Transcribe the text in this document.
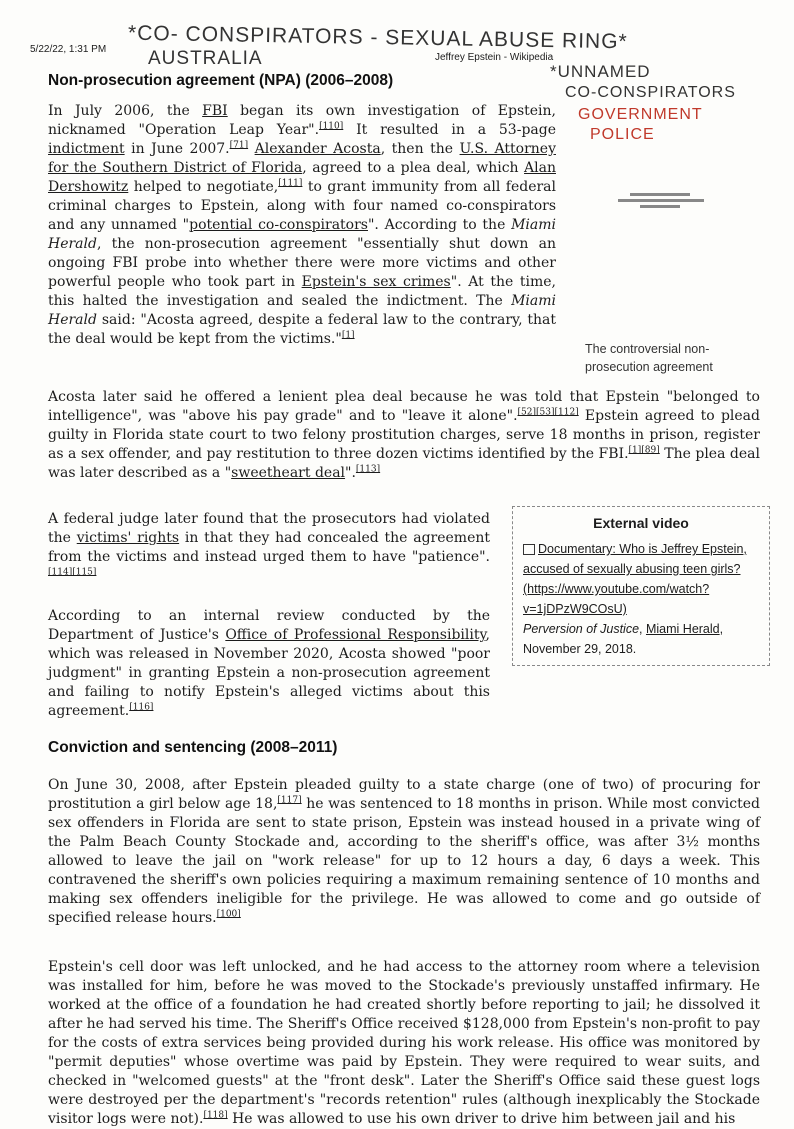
5/22/22, 1:31 PM
Jeffrey Epstein - Wikipedia
*CO- CONSPIRATORS - SEXUAL ABUSE RING*
AUSTRALIA
*UNNAMED
CO-CONSPIRATORS
GOVERNMENT
POLICE
Non-prosecution agreement (NPA) (2006–2008)

In July 2006, the FBI began its own investigation of Epstein, nicknamed "Operation Leap Year".[110] It resulted in a 53-page indictment in June 2007.[71] Alexander Acosta, then the U.S. Attorney for the Southern District of Florida, agreed to a plea deal, which Alan Dershowitz helped to negotiate,[111] to grant immunity from all federal criminal charges to Epstein, along with four named co-conspirators and any unnamed "potential co-conspirators". According to the Miami Herald, the non-prosecution agreement "essentially shut down an ongoing FBI probe into whether there were more victims and other powerful people who took part in Epstein's sex crimes". At the time, this halted the investigation and sealed the indictment. The Miami Herald said: "Acosta agreed, despite a federal law to the contrary, that the deal would be kept from the victims."[1]

The controversial non-prosecution agreement

Acosta later said he offered a lenient plea deal because he was told that Epstein "belonged to intelligence", was "above his pay grade" and to "leave it alone".[52][53][112] Epstein agreed to plead guilty in Florida state court to two felony prostitution charges, serve 18 months in prison, register as a sex offender, and pay restitution to three dozen victims identified by the FBI.[1][89] The plea deal was later described as a "sweetheart deal".[113]

A federal judge later found that the prosecutors had violated the victims' rights in that they had concealed the agreement from the victims and instead urged them to have "patience".[114][115]

According to an internal review conducted by the Department of Justice's Office of Professional Responsibility, which was released in November 2020, Acosta showed "poor judgment" in granting Epstein a non-prosecution agreement and failing to notify Epstein's alleged victims about this agreement.[116]

External video
Documentary: Who is Jeffrey Epstein, accused of sexually abusing teen girls? (https://www.youtube.com/watch?v=1jDPzW9COsU)
Perversion of Justice, Miami Herald, November 29, 2018.
Conviction and sentencing (2008–2011)

On June 30, 2008, after Epstein pleaded guilty to a state charge (one of two) of procuring for prostitution a girl below age 18,[117] he was sentenced to 18 months in prison. While most convicted sex offenders in Florida are sent to state prison, Epstein was instead housed in a private wing of the Palm Beach County Stockade and, according to the sheriff's office, was after 3½ months allowed to leave the jail on "work release" for up to 12 hours a day, 6 days a week. This contravened the sheriff's own policies requiring a maximum remaining sentence of 10 months and making sex offenders ineligible for the privilege. He was allowed to come and go outside of specified release hours.[100]

Epstein's cell door was left unlocked, and he had access to the attorney room where a television was installed for him, before he was moved to the Stockade's previously unstaffed infirmary. He worked at the office of a foundation he had created shortly before reporting to jail; he dissolved it after he had served his time. The Sheriff's Office received $128,000 from Epstein's non-profit to pay for the costs of extra services being provided during his work release. His office was monitored by "permit deputies" whose overtime was paid by Epstein. They were required to wear suits, and checked in "welcomed guests" at the "front desk". Later the Sheriff's Office said these guest logs were destroyed per the department's "records retention" rules (although inexplicably the Stockade visitor logs were not).[118] He was allowed to use his own driver to drive him between jail and his
